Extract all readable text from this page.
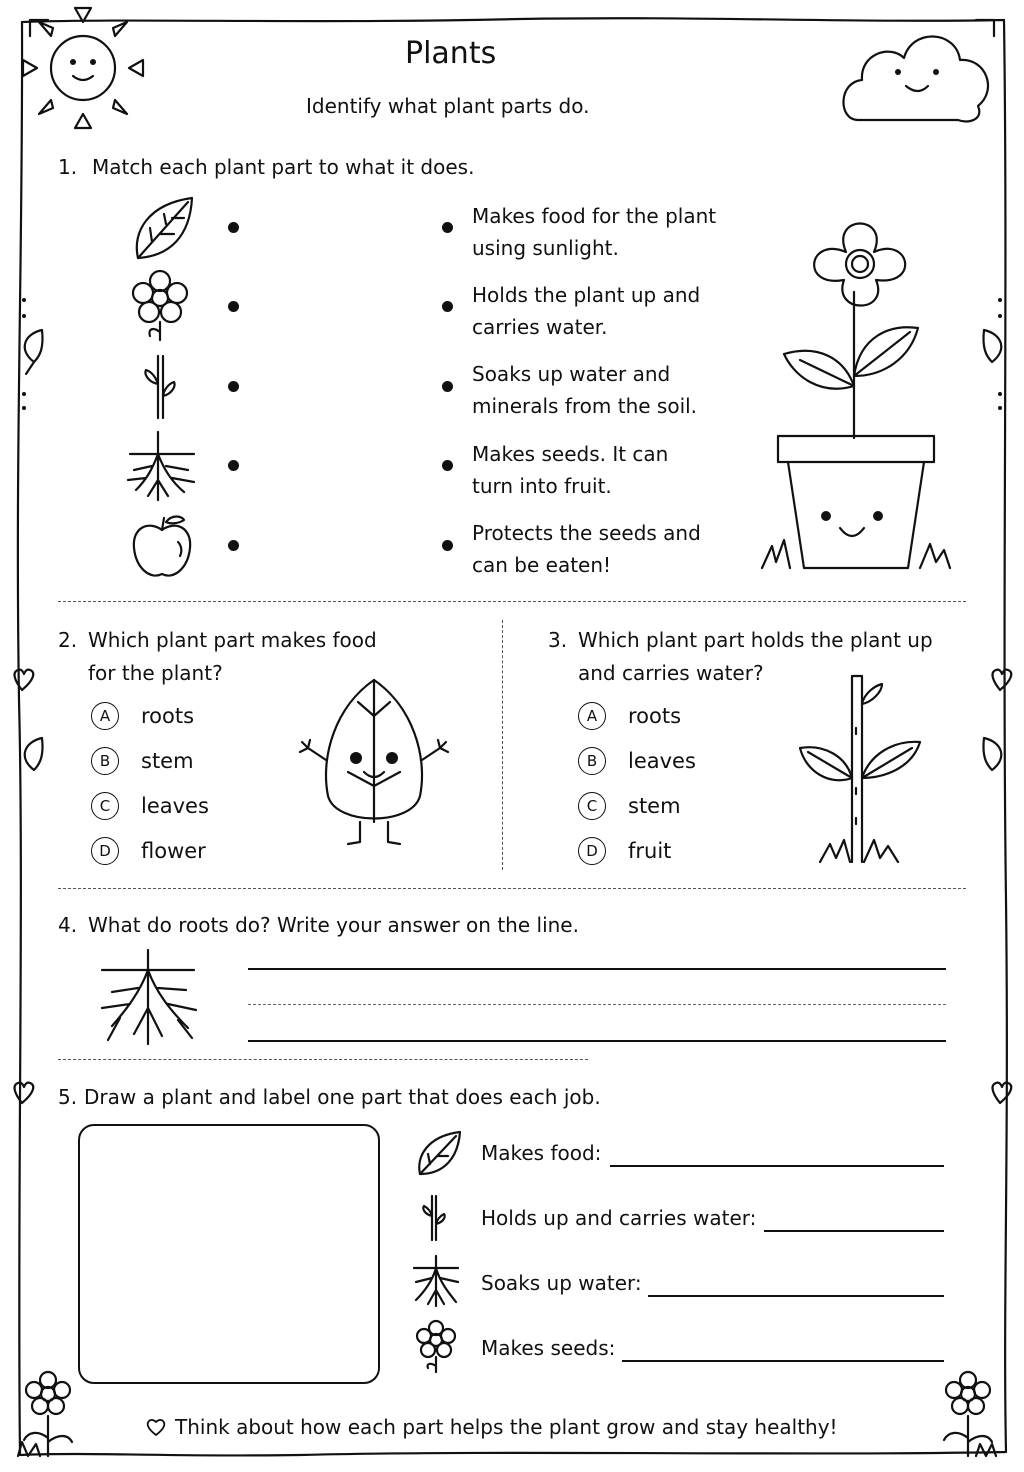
Plants
Identify what plant parts do.
1. Match each plant part to what it does.
Makes food for the plant
using sunlight.
Holds the plant up and
carries water.
Soaks up water and
minerals from the soil.
Makes seeds. It can
turn into fruit.
Protects the seeds and
can be eaten!
2. Which plant part makes food
for the plant?
A	roots
B	stem
C	leaves
D	flower
3. Which plant part holds the plant up
and carries water?
A	roots
B	leaves
C	stem
D	fruit
4. What do roots do? Write your answer on the line.
5. Draw a plant and label one part that does each job.
Makes food:
Holds up and carries water:
Soaks up water:
Makes seeds:
Think about how each part helps the plant grow and stay healthy!
